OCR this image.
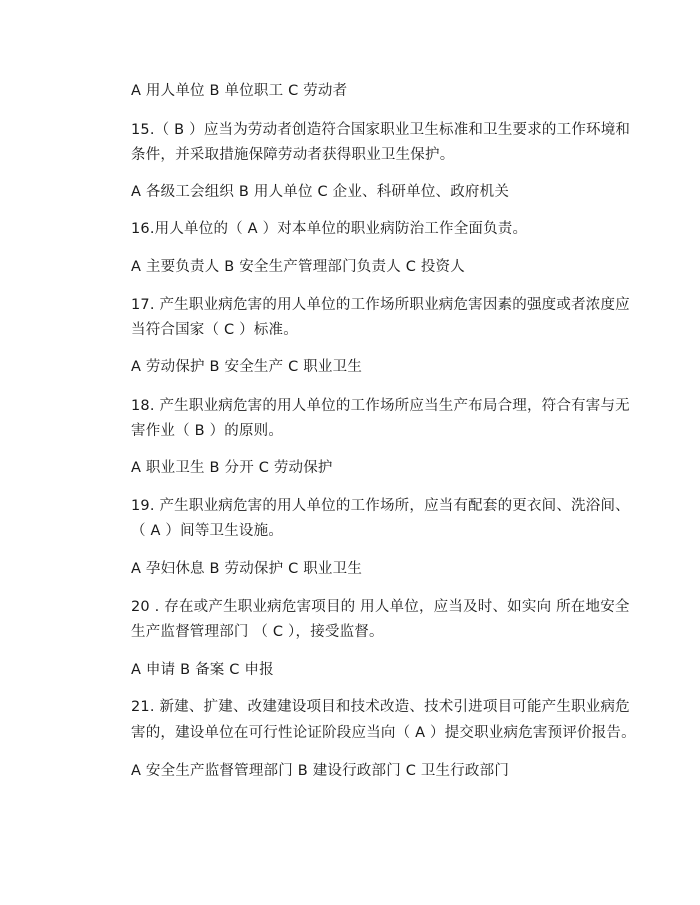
A 用人单位 B 单位职工 C 劳动者
15.（ B ）应当为劳动者创造符合国家职业卫生标准和卫生要求的工作环境和
条件，并采取措施保障劳动者获得职业卫生保护。
A 各级工会组织 B 用人单位 C 企业、科研单位、政府机关
16.用人单位的（ A ）对本单位的职业病防治工作全面负责。
A 主要负责人 B 安全生产管理部门负责人 C 投资人
17. 产生职业病危害的用人单位的工作场所职业病危害因素的强度或者浓度应
当符合国家（ C ）标准。
A 劳动保护 B 安全生产 C 职业卫生
18. 产生职业病危害的用人单位的工作场所应当生产布局合理，符合有害与无
害作业（ B ）的原则。
A 职业卫生 B 分开 C 劳动保护
19. 产生职业病危害的用人单位的工作场所，应当有配套的更衣间、洗浴间、
（ A ）间等卫生设施。
A 孕妇休息 B 劳动保护 C 职业卫生
20 . 存在或产生职业病危害项目的 用人单位，应当及时、如实向 所在地安全
生产监督管理部门 （ C ），接受监督。
A 申请 B 备案 C 申报
21. 新建、扩建、改建建设项目和技术改造、技术引进项目可能产生职业病危
害的，建设单位在可行性论证阶段应当向（ A ）提交职业病危害预评价报告。
A 安全生产监督管理部门 B 建设行政部门 C 卫生行政部门
